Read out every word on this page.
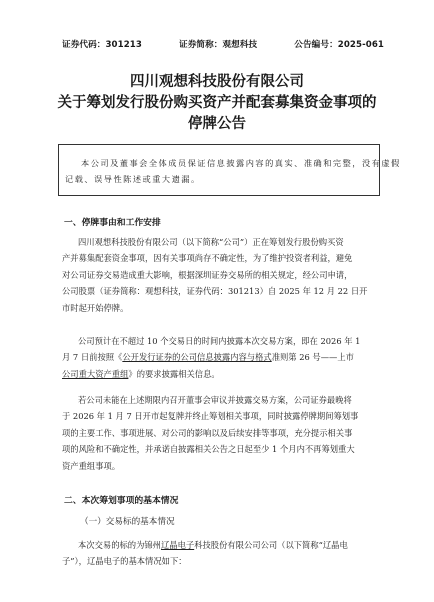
证券代码：301213	证券简称：观想科技	公告编号：2025-061
四川观想科技股份有限公司
关于筹划发行股份购买资产并配套募集资金事项的
停牌公告
本公司及董事会全体成员保证信息披露内容的真实、准确和完整，没有虚假
记载、误导性陈述或重大遗漏。
一、停牌事由和工作安排
四川观想科技股份有限公司（以下简称“公司”）正在筹划发行股份购买资
产并募集配套资金事项，因有关事项尚存不确定性，为了维护投资者利益，避免
对公司证券交易造成重大影响，根据深圳证券交易所的相关规定，经公司申请，
公司股票（证券简称：观想科技，证券代码：301213）自 2025 年 12 月 22 日开
市时起开始停牌。
公司预计在不超过 10 个交易日的时间内披露本次交易方案，即在 2026 年 1
月 7 日前按照《公开发行证券的公司信息披露内容与格式准则第 26 号——上市
公司重大资产重组》的要求披露相关信息。
若公司未能在上述期限内召开董事会审议并披露交易方案，公司证券最晚将
于 2026 年 1 月 7 日开市起复牌并终止筹划相关事项，同时披露停牌期间筹划事
项的主要工作、事项进展、对公司的影响以及后续安排等事项，充分提示相关事
项的风险和不确定性，并承诺自披露相关公告之日起至少 1 个月内不再筹划重大
资产重组事项。
二、本次筹划事项的基本情况
（一）交易标的基本情况
本次交易的标的为锦州辽晶电子科技股份有限公司公司（以下简称“辽晶电
子”），辽晶电子的基本情况如下：
